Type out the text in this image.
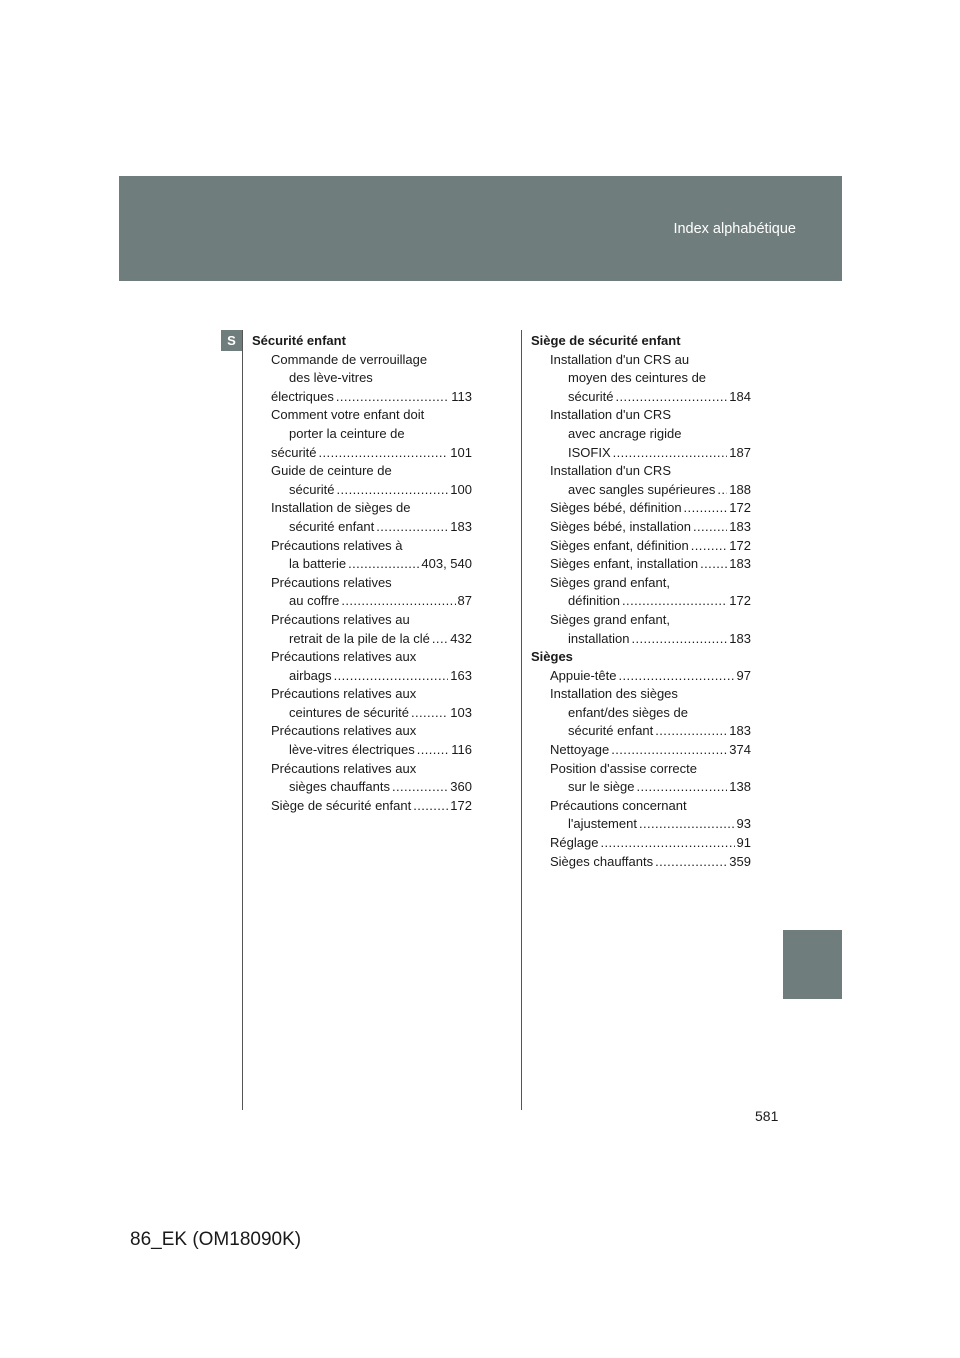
Index alphabétique
S	Sécurité enfant
Commande de verrouillage
des lève-vitres
électriques .....	113
Comment votre enfant doit
porter la ceinture de
sécurité .....	101
Guide de ceinture de
sécurité .....	100
Installation de sièges de
sécurité enfant .....	183
Précautions relatives à
la batterie .....	403, 540
Précautions relatives
au coffre .....	87
Précautions relatives au
retrait de la pile de la clé ..... 432
Précautions relatives aux
airbags .....	163
Précautions relatives aux
ceintures de sécurité .....	103
Précautions relatives aux
lève-vitres électriques .....	116
Précautions relatives aux
sièges chauffants .....	360
Siège de sécurité enfant .....	172
Siège de sécurité enfant
Installation d'un CRS au
moyen des ceintures de
sécurité .....	184
Installation d'un CRS
avec ancrage rigide
ISOFIX .....	187
Installation d'un CRS
avec sangles supérieures ..... 188
Sièges bébé, définition .....	172
Sièges bébé, installation .....	183
Sièges enfant, définition .....	172
Sièges enfant, installation ..... 183
Sièges grand enfant,
définition .....	172
Sièges grand enfant,
installation .....	183
Sièges
Appuie-tête .....	97
Installation des sièges
enfant/des sièges de
sécurité enfant .....	183
Nettoyage .....	374
Position d'assise correcte
sur le siège .....	138
Précautions concernant
l'ajustement .....	93
Réglage .....	91
Sièges chauffants .....	359
581
86_EK (OM18090K)
